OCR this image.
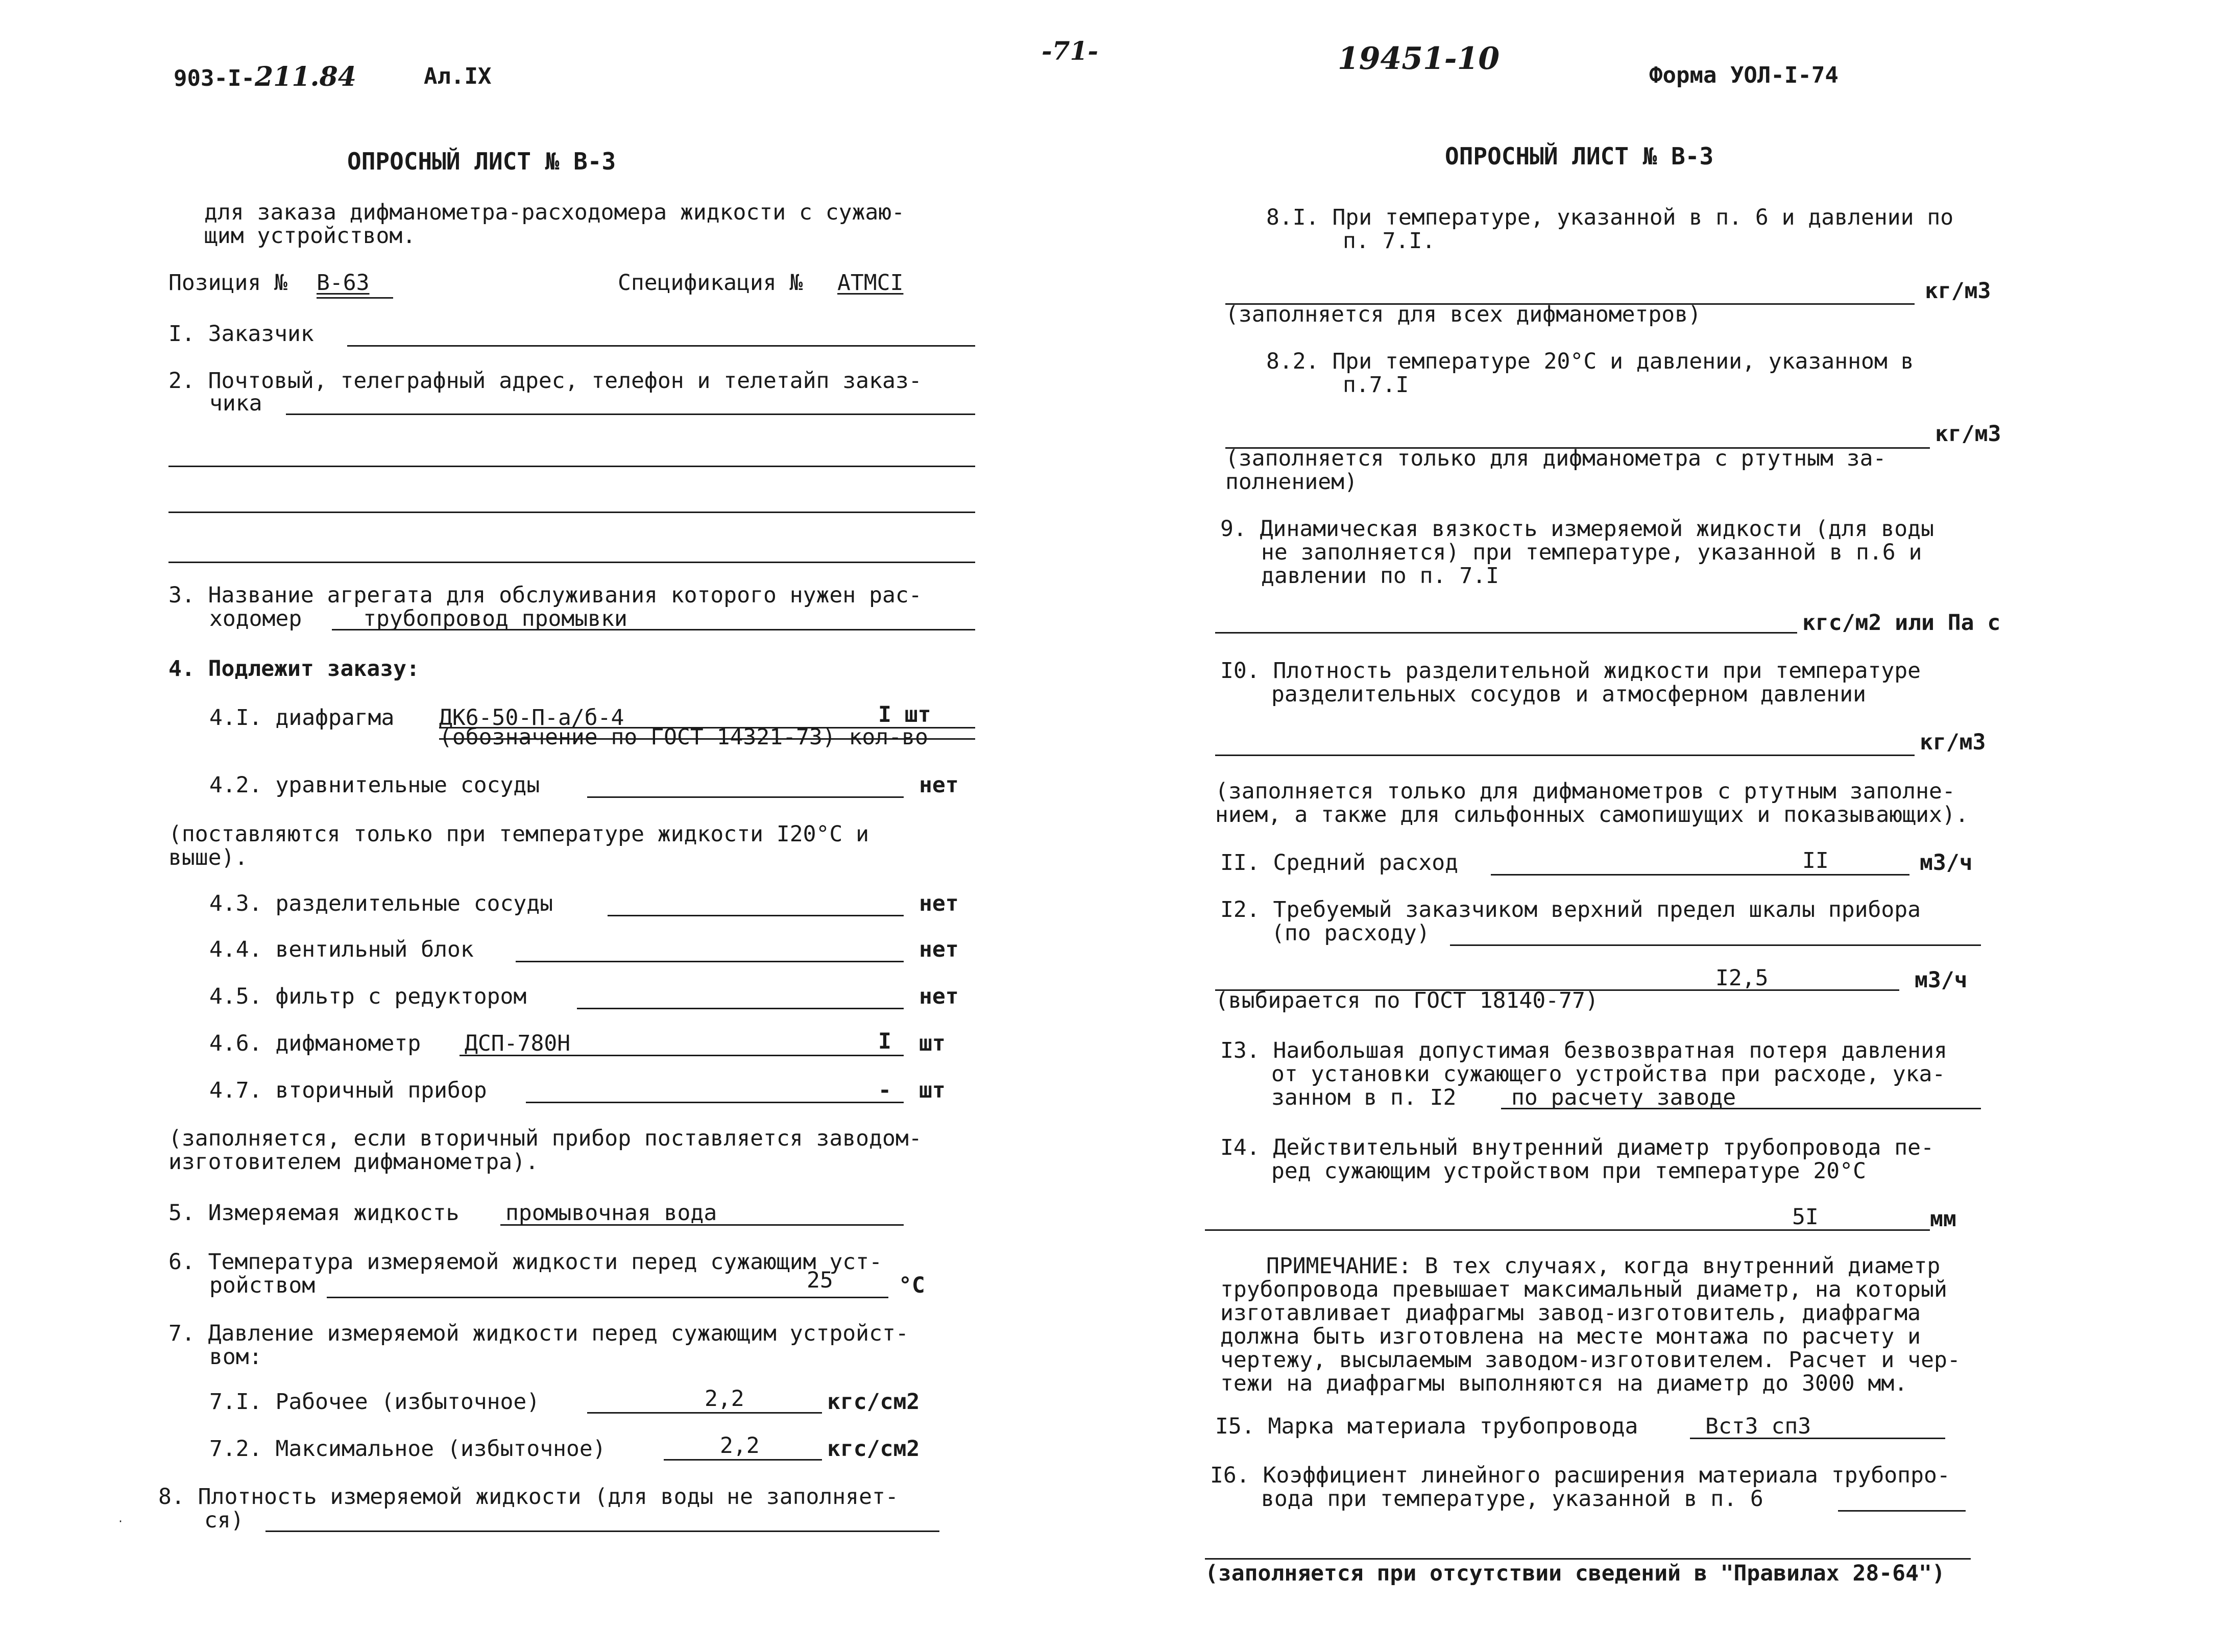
903-I-211.84	Ал.IX
-71-	19451-10	Форма УОЛ-I-74
ОПРОСНЫЙ ЛИСТ № В-3
для заказа дифманометра-расходомера жидкости с сужаю-
щим устройством.
Позиция № В-63	Спецификация № АТМСI
I. Заказчик
2. Почтовый, телеграфный адрес, телефон и телетайп заказ-
чика
3. Название агрегата для обслуживания которого нужен рас-
ходомер	трубопровод промывки
4. Подлежит заказу:
4.I. диафрагма ДК6-50-П-а/б-4	I шт
(обозначение по ГОСТ 14321-73) кол-во
4.2. уравнительные сосуды	нет
(поставляются только при температуре жидкости I20°С и
выше).
4.3. разделительные сосуды	нет
4.4. вентильный блок	нет
4.5. фильтр с редуктором	нет
4.6. дифманометр ДСП-780Н	I шт
4.7. вторичный прибор	- шт
(заполняется, если вторичный прибор поставляется заводом-
изготовителем дифманометра).
5. Измеряемая жидкость промывочная вода
6. Температура измеряемой жидкости перед сужающим уст-
ройством	25	°С
7. Давление измеряемой жидкости перед сужающим устройст-
вом:
7.I. Рабочее (избыточное)	2,2	кгс/см2
7.2. Максимальное (избыточное)	2,2	кгс/см2
8. Плотность измеряемой жидкости (для воды не заполняет-
ся)
·
ОПРОСНЫЙ ЛИСТ № В-3
8.I. При температуре, указанной в п. 6 и давлении по
п. 7.I.
кг/м3
(заполняется для всех дифманометров)
8.2. При температуре 20°С и давлении, указанном в
п.7.I
кг/м3
(заполняется только для дифманометра с ртутным за-
полнением)
9. Динамическая вязкость измеряемой жидкости (для воды
не заполняется) при температуре, указанной в п.6 и
давлении по п. 7.I
кгс/м2 или Па с
I0. Плотность разделительной жидкости при температуре
разделительных сосудов и атмосферном давлении
кг/м3
(заполняется только для дифманометров с ртутным заполне-
нием, а также для сильфонных самопишущих и показывающих).
II. Средний расход	II	м3/ч
I2. Требуемый заказчиком верхний предел шкалы прибора
(по расходу)
I2,5	м3/ч
(выбирается по ГОСТ 18140-77)
I3. Наибольшая допустимая безвозвратная потеря давления
от установки сужающего устройства при расходе, ука-
занном в п. I2	по расчету заводе
I4. Действительный внутренний диаметр трубопровода пе-
ред сужающим устройством при температуре 20°С
5I	мм
ПРИМЕЧАНИЕ: В тех случаях, когда внутренний диаметр
трубопровода превышает максимальный диаметр, на который
изготавливает диафрагмы завод-изготовитель, диафрагма
должна быть изготовлена на месте монтажа по расчету и
чертежу, высылаемым заводом-изготовителем. Расчет и чер-
тежи на диафрагмы выполняются на диаметр до 3000 мм.
I5. Марка материала трубопровода	ВстЗ сп3
I6. Коэффициент линейного расширения материала трубопро-
вода при температуре, указанной в п. 6
(заполняется при отсутствии сведений в "Правилах 28-64")
